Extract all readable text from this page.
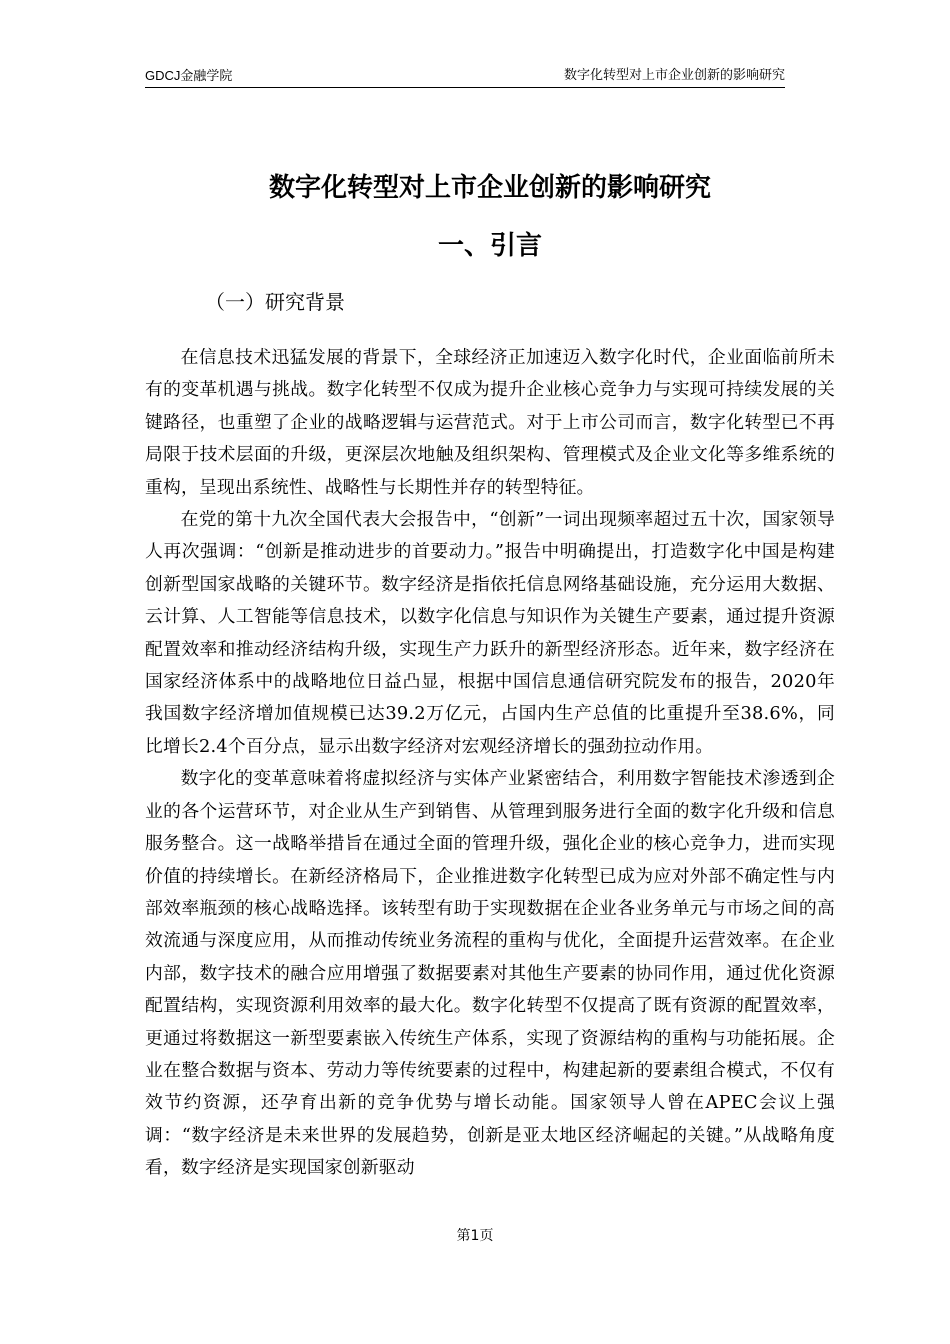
GDCJ金融学院	数字化转型对上市企业创新的影响研究
数字化转型对上市企业创新的影响研究
一、引言
（一）研究背景

在信息技术迅猛发展的背景下，全球经济正加速迈入数字化时代，企业面临前所未有的变革机遇与挑战。数字化转型不仅成为提升企业核心竞争力与实现可持续发展的关键路径，也重塑了企业的战略逻辑与运营范式。对于上市公司而言，数字化转型已不再局限于技术层面的升级，更深层次地触及组织架构、管理模式及企业文化等多维系统的重构，呈现出系统性、战略性与长期性并存的转型特征。

在党的第十九次全国代表大会报告中，“创新”一词出现频率超过五十次，国家领导人再次强调：“创新是推动进步的首要动力。”报告中明确提出，打造数字化中国是构建创新型国家战略的关键环节。数字经济是指依托信息网络基础设施，充分运用大数据、云计算、人工智能等信息技术，以数字化信息与知识作为关键生产要素，通过提升资源配置效率和推动经济结构升级，实现生产力跃升的新型经济形态。近年来，数字经济在国家经济体系中的战略地位日益凸显，根据中国信息通信研究院发布的报告，2020年我国数字经济增加值规模已达39.2万亿元，占国内生产总值的比重提升至38.6%，同比增长2.4个百分点，显示出数字经济对宏观经济增长的强劲拉动作用。

数字化的变革意味着将虚拟经济与实体产业紧密结合，利用数字智能技术渗透到企业的各个运营环节，对企业从生产到销售、从管理到服务进行全面的数字化升级和信息服务整合。这一战略举措旨在通过全面的管理升级，强化企业的核心竞争力，进而实现价值的持续增长。在新经济格局下，企业推进数字化转型已成为应对外部不确定性与内部效率瓶颈的核心战略选择。该转型有助于实现数据在企业各业务单元与市场之间的高效流通与深度应用，从而推动传统业务流程的重构与优化，全面提升运营效率。在企业内部，数字技术的融合应用增强了数据要素对其他生产要素的协同作用，通过优化资源配置结构，实现资源利用效率的最大化。数字化转型不仅提高了既有资源的配置效率，更通过将数据这一新型要素嵌入传统生产体系，实现了资源结构的重构与功能拓展。企业在整合数据与资本、劳动力等传统要素的过程中，构建起新的要素组合模式，不仅有效节约资源，还孕育出新的竞争优势与增长动能。国家领导人曾在APEC会议上强调：“数字经济是未来世界的发展趋势，创新是亚太地区经济崛起的关键。”从战略角度看，数字经济是实现国家创新驱动

第1页
